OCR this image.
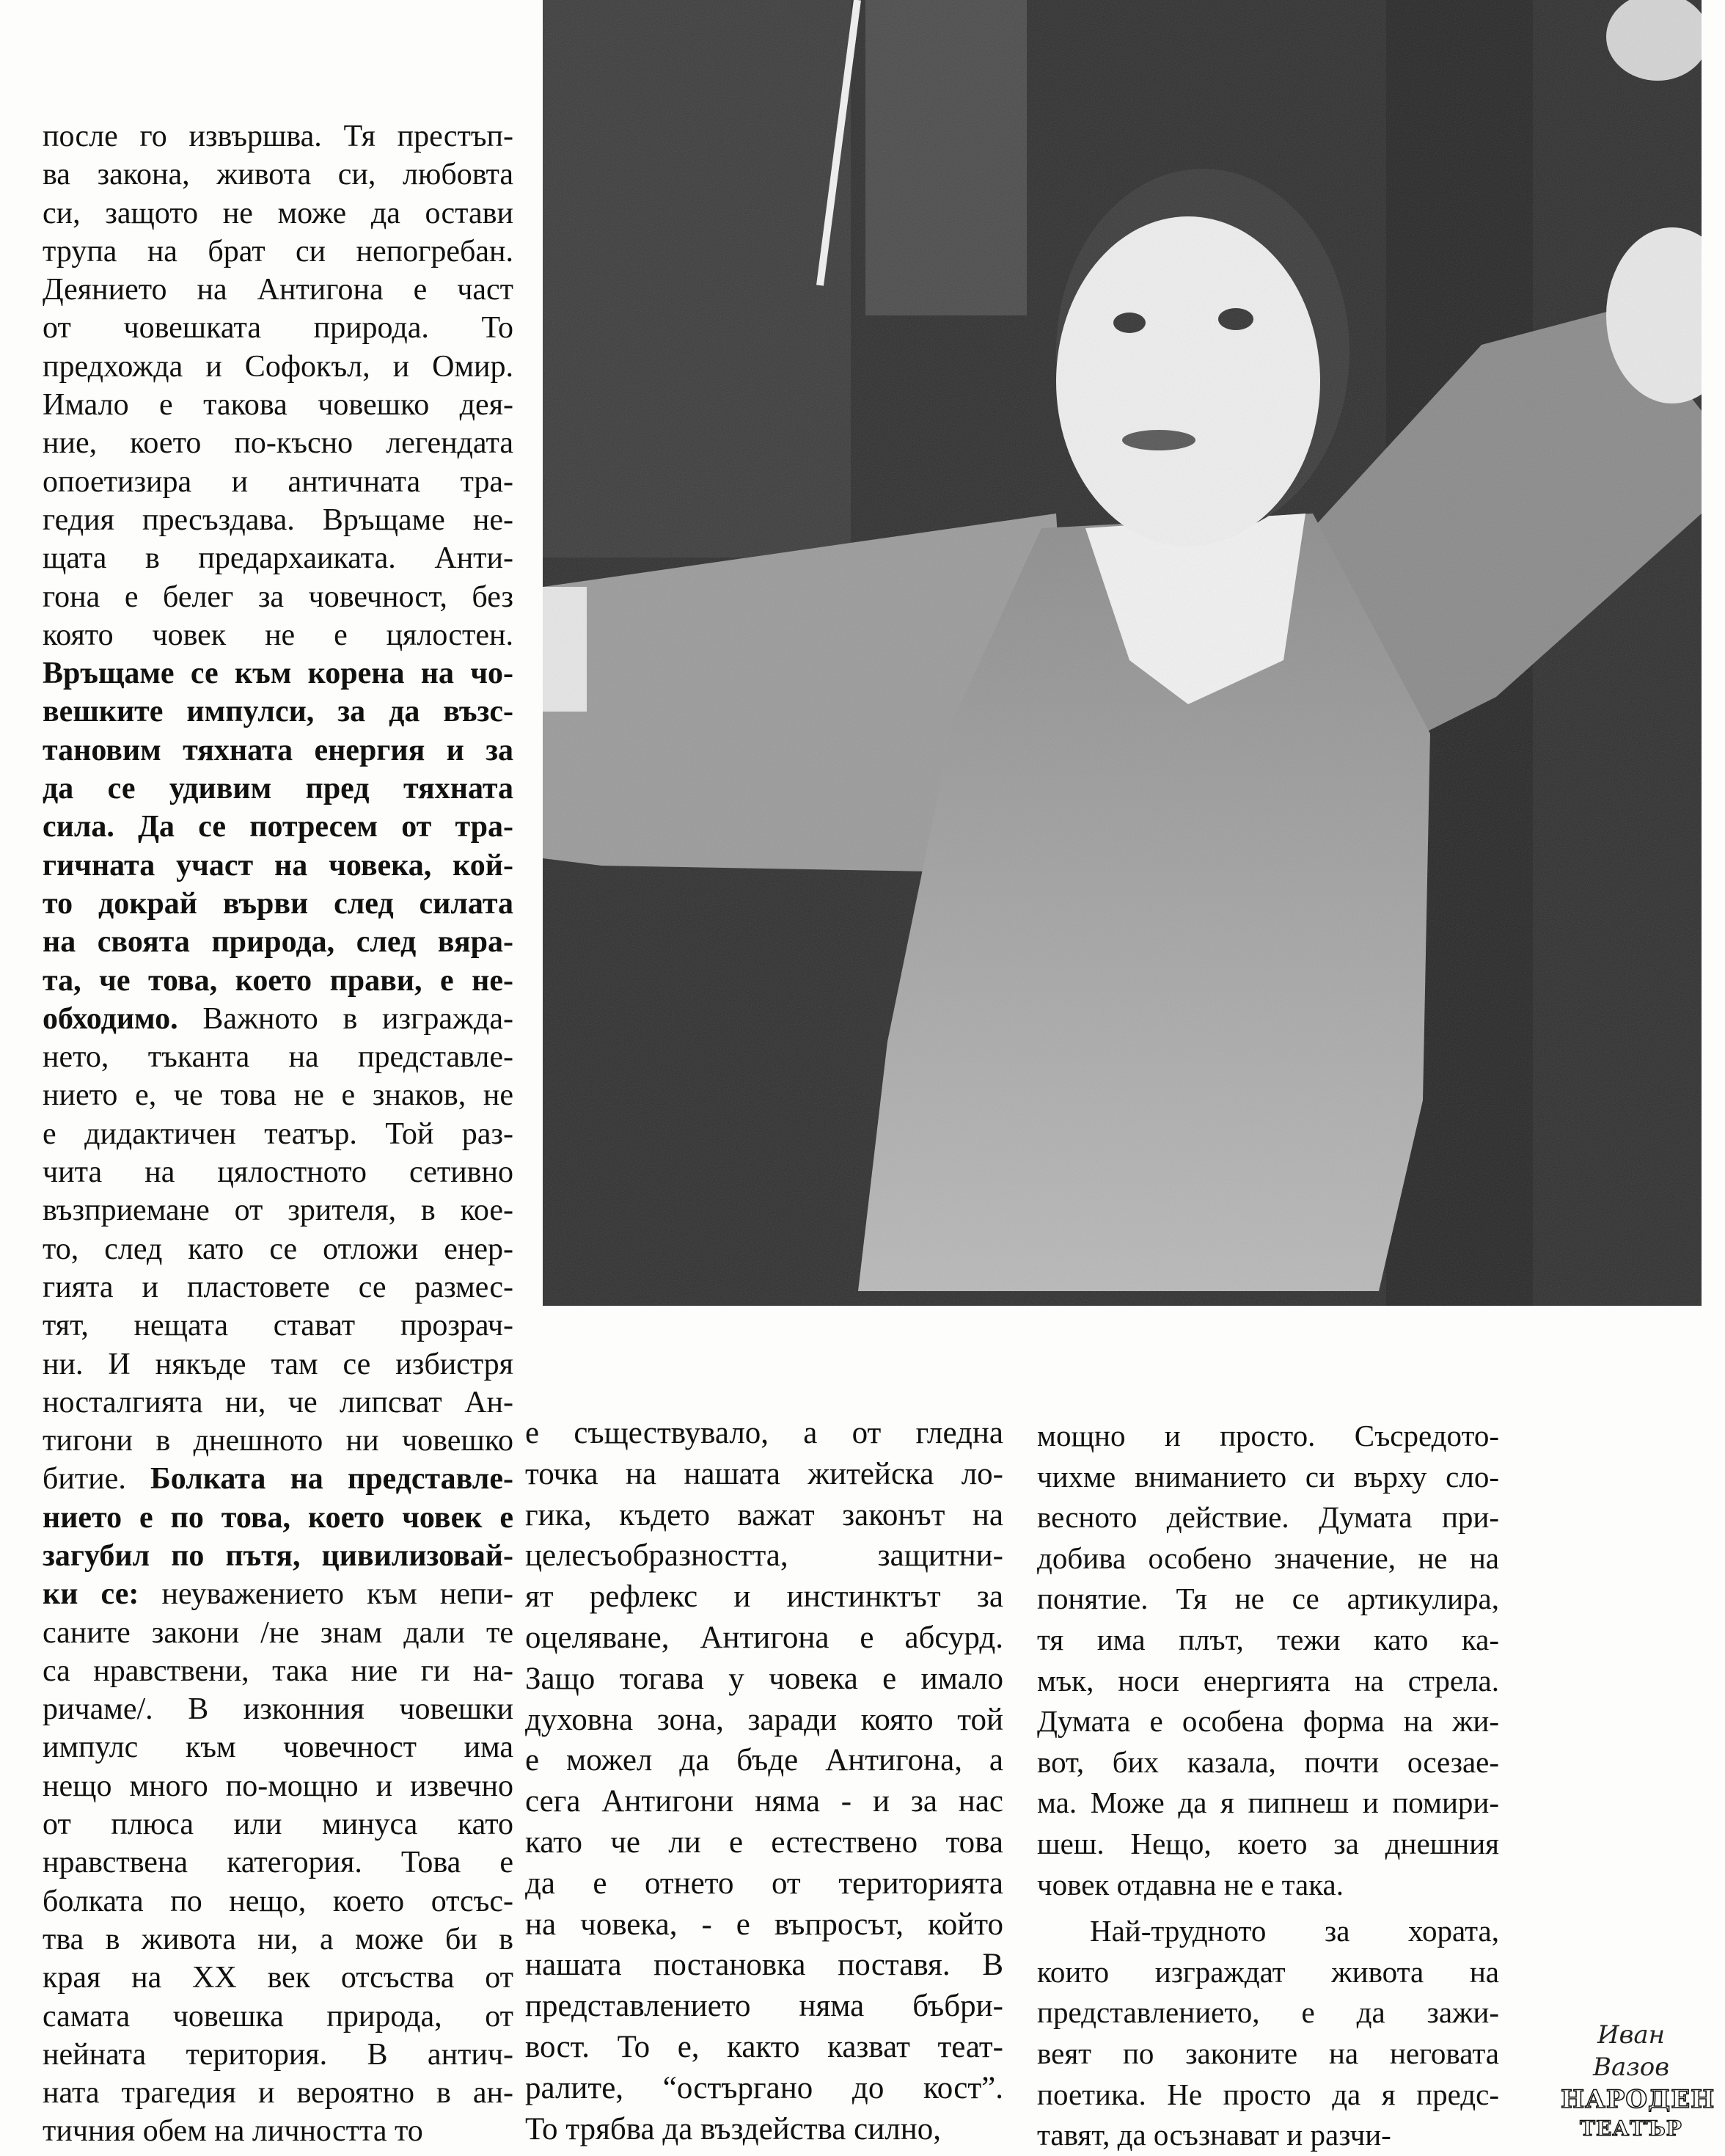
после го извършва. Тя престъп-
ва закона, живота си, любовта
си, защото не може да остави
трупа на брат си непогребан.
Деянието на Антигона е част
от човешката природа. То
предхожда и Софокъл, и Омир.
Имало е такова човешко дея-
ние, което по-късно легендата
опоетизира и античната тра-
гедия пресъздава. Връщаме не-
щата в предархаиката. Анти-
гона е белег за човечност, без
която човек не е цялостен.
Връщаме се към корена на чо-
вешките импулси, за да възс-
тановим тяхната енергия и за
да се удивим пред тяхната
сила. Да се потресем от тра-
гичната участ на човека, кой-
то докрай върви след силата
на своята природа, след вяра-
та, че това, което прави, е не-
обходимо. Важното в изгражда-
нето, тъканта на представле-
нието е, че това не е знаков, не
е дидактичен театър. Той раз-
чита на цялостното сетивно
възприемане от зрителя, в кое-
то, след като се отложи енер-
гията и пластовете се размес-
тят, нещата стават прозрач-
ни. И някъде там се избистря
носталгията ни, че липсват Ан-
тигони в днешното ни човешко
битие. Болката на представле-
нието е по това, което човек е
загубил по пътя, цивилизовай-
ки се: неуважението към непи-
саните закони /не знам дали те
са нравствени, така ние ги на-
ричаме/. В изконния човешки
импулс към човечност има
нещо много по-мощно и извечно
от плюса или минуса като
нравствена категория. Това е
болката по нещо, което отсъс-
тва в живота ни, а може би в
края на XX век отсъства от
самата човешка природа, от
нейната територия. В антич-
ната трагедия и вероятно в ан-
тичния обем на личността то
е съществувало, а от гледна
точка на нашата житейска ло-
гика, където важат законът на
целесъобразността, защитни-
ят рефлекс и инстинктът за
оцеляване, Антигона е абсурд.
Защо тогава у човека е имало
духовна зона, заради която той
е можел да бъде Антигона, а
сега Антигони няма - и за нас
като че ли е естествено това
да е отнето от територията
на човека, - е въпросът, който
нашата постановка поставя. В
представлението няма бъбри-
вост. То е, както казват теат-
ралите, “остъргано до кост”.
То трябва да въздейства силно,
мощно и просто. Съсредото-
чихме вниманието си върху сло-
весното действие. Думата при-
добива особено значение, не на
понятие. Тя не се артикулира,
тя има плът, тежи като ка-
мък, носи енергията на стрела.
Думата е особена форма на жи-
вот, бих казала, почти осезае-
ма. Може да я пипнеш и помири-
шеш. Нещо, което за днешния
човек отдавна не е така.
Най-трудното за хората,
които изграждат живота на
представлението, е да зажи-
веят по законите на неговата
поетика. Не просто да я предс-
тавят, да осъзнават и разчи-
Иван Вазов
НАРОДЕН
ТЕАТЪР
